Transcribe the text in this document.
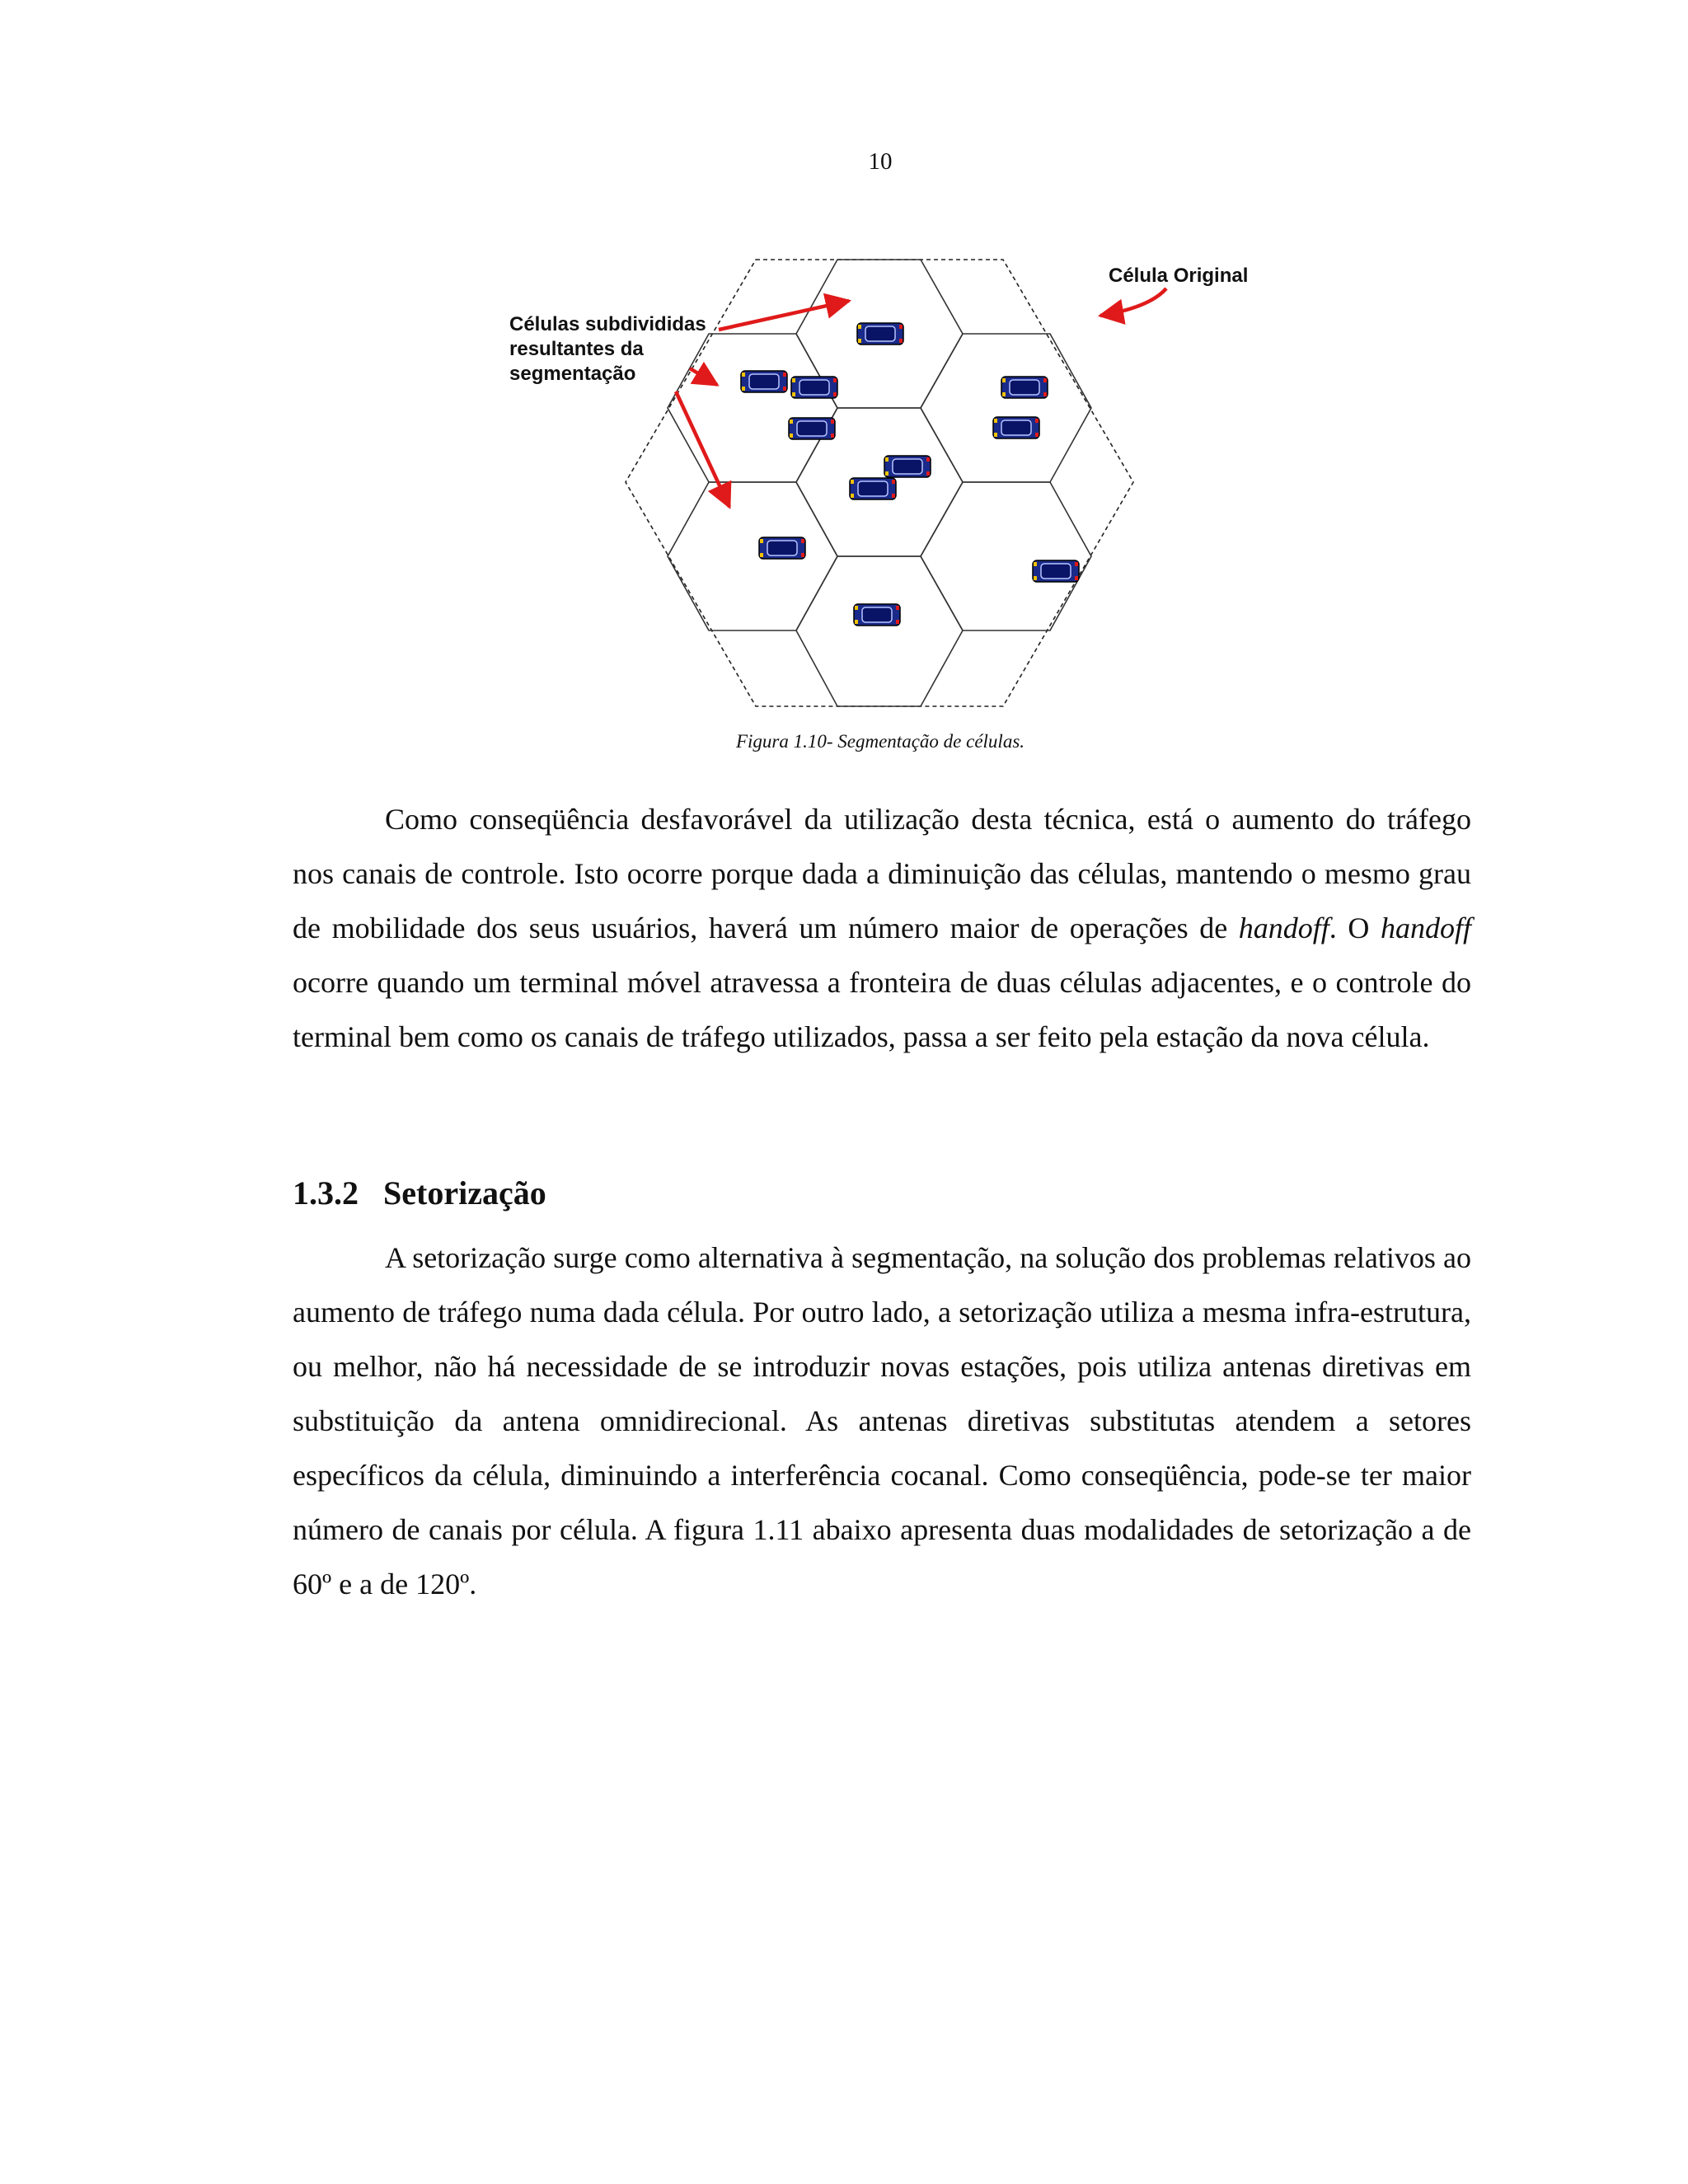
10
Célula Original
Células subdivididas resultantes da segmentação
Figura 1.10- Segmentação de células.

Como conseqüência desfavorável da utilização desta técnica, está o aumento do tráfego nos canais de controle. Isto ocorre porque dada a diminuição das células, mantendo o mesmo grau de mobilidade dos seus usuários, haverá um número maior de operações de handoff. O handoff ocorre quando um terminal móvel atravessa a fronteira de duas células adjacentes, e o controle do terminal bem como os canais de tráfego utilizados, passa a ser feito pela estação da nova célula.

1.3.2 Setorização

A setorização surge como alternativa à segmentação, na solução dos problemas relativos ao aumento de tráfego numa dada célula. Por outro lado, a setorização utiliza a mesma infra-estrutura, ou melhor, não há necessidade de se introduzir novas estações, pois utiliza antenas diretivas em substituição da antena omnidirecional. As antenas diretivas substitutas atendem a setores específicos da célula, diminuindo a interferência cocanal. Como conseqüência, pode-se ter maior número de canais por célula. A figura 1.11 abaixo apresenta duas modalidades de setorização a de 60º e a de 120º.
